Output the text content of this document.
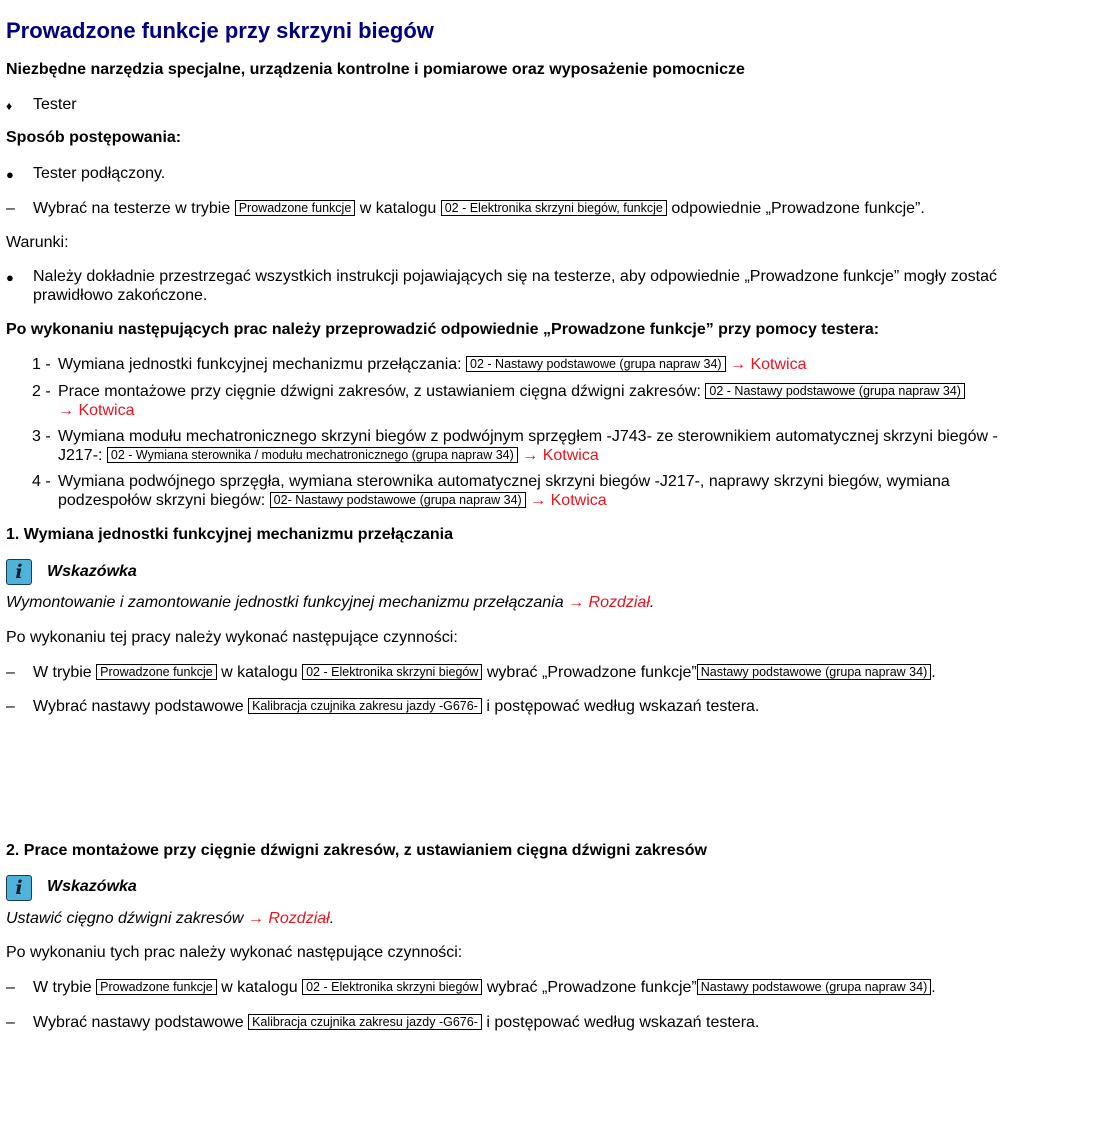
Prowadzone funkcje przy skrzyni biegów
Niezbędne narzędzia specjalne, urządzenia kontrolne i pomiarowe oraz wyposażenie pomocnicze
♦	Tester
Sposób postępowania:
●	Tester podłączony.
–	Wybrać na testerze w trybie Prowadzone funkcje w katalogu 02 - Elektronika skrzyni biegów, funkcje odpowiednie „Prowadzone funkcje”.
Warunki:
●	Należy dokładnie przestrzegać wszystkich instrukcji pojawiających się na testerze, aby odpowiednie „Prowadzone funkcje” mogły zostać
prawidłowo zakończone.
Po wykonaniu następujących prac należy przeprowadzić odpowiednie „Prowadzone funkcje” przy pomocy testera:
1 - Wymiana jednostki funkcyjnej mechanizmu przełączania: 02 - Nastawy podstawowe (grupa napraw 34) → Kotwica
2 - Prace montażowe przy cięgnie dźwigni zakresów, z ustawianiem cięgna dźwigni zakresów: 02 - Nastawy podstawowe (grupa napraw 34)
→ Kotwica
3 - Wymiana modułu mechatronicznego skrzyni biegów z podwójnym sprzęgłem -J743- ze sterownikiem automatycznej skrzyni biegów -
J217-: 02 - Wymiana sterownika / modułu mechatronicznego (grupa napraw 34) → Kotwica
4 - Wymiana podwójnego sprzęgła, wymiana sterownika automatycznej skrzyni biegów -J217-, naprawy skrzyni biegów, wymiana
podzespołów skrzyni biegów: 02- Nastawy podstawowe (grupa napraw 34) → Kotwica
1. Wymiana jednostki funkcyjnej mechanizmu przełączania
i	Wskazówka
Wymontowanie i zamontowanie jednostki funkcyjnej mechanizmu przełączania → Rozdział.
Po wykonaniu tej pracy należy wykonać następujące czynności:
–	W trybie Prowadzone funkcje w katalogu 02 - Elektronika skrzyni biegów wybrać „Prowadzone funkcje” Nastawy podstawowe (grupa napraw 34) .
–	Wybrać nastawy podstawowe Kalibracja czujnika zakresu jazdy -G676- i postępować według wskazań testera.
2. Prace montażowe przy cięgnie dźwigni zakresów, z ustawianiem cięgna dźwigni zakresów
i	Wskazówka
Ustawić cięgno dźwigni zakresów → Rozdział.
Po wykonaniu tych prac należy wykonać następujące czynności:
–	W trybie Prowadzone funkcje w katalogu 02 - Elektronika skrzyni biegów wybrać „Prowadzone funkcje” Nastawy podstawowe (grupa napraw 34) .
–	Wybrać nastawy podstawowe Kalibracja czujnika zakresu jazdy -G676- i postępować według wskazań testera.
